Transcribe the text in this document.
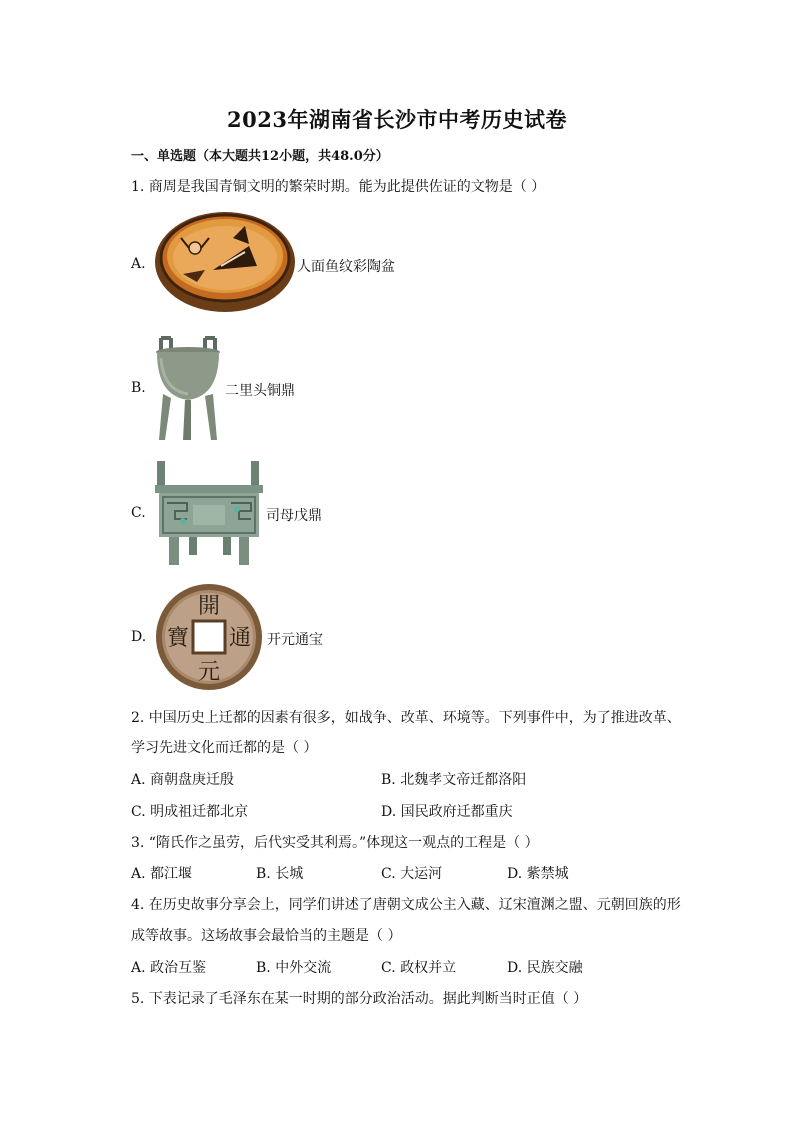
2023年湖南省长沙市中考历史试卷
一、单选题（本大题共12小题，共48.0分）
1. 商周是我国青铜文明的繁荣时期。能为此提供佐证的文物是（ ）
A.	人面鱼纹彩陶盆
B.	二里头铜鼎
C.	司母戊鼎
D.
開
通
元
寶	开元通宝
2. 中国历史上迁都的因素有很多，如战争、改革、环境等。下列事件中，为了推进改革、
学习先进文化而迁都的是（ ）
A. 商朝盘庚迁殷	B. 北魏孝文帝迁都洛阳
C. 明成祖迁都北京	D. 国民政府迁都重庆
3. “隋氏作之虽劳，后代实受其利焉。”体现这一观点的工程是（ ）
A. 都江堰	B. 长城	C. 大运河	D. 紫禁城
4. 在历史故事分享会上，同学们讲述了唐朝文成公主入藏、辽宋澶渊之盟、元朝回族的形
成等故事。这场故事会最恰当的主题是（ ）
A. 政治互鉴	B. 中外交流	C. 政权并立	D. 民族交融
5. 下表记录了毛泽东在某一时期的部分政治活动。据此判断当时正值（ ）
